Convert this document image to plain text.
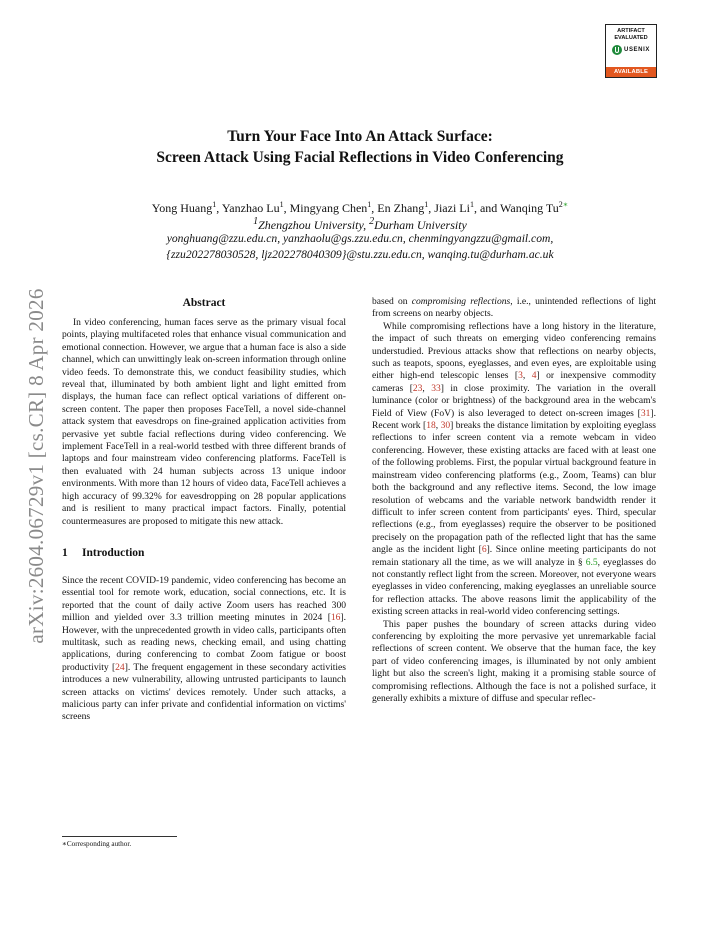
arXiv:2604.06729v1 [cs.CR] 8 Apr 2026
ARTIFACT
EVALUATED
USENIX
AVAILABLE
Turn Your Face Into An Attack Surface:
Screen Attack Using Facial Reflections in Video Conferencing
Yong Huang$^1$, Yanzhao Lu$^1$, Mingyang Chen$^1$, En Zhang$^1$, Jiazi Li$^1$, and Wanqing $Tu^{2∗}$
$^1$Zhengzhou University, $^2$Durham University
yonghuang@zzu.edu.cn, yanzhaolu@gs.zzu.edu.cn, chenmingyangzzu@gmail.com,
{zzu202278030528, ljz202278040309}@stu.zzu.edu.cn, wanqing.tu@durham.ac.uk
Abstract

In video conferencing, human faces serve as the primary visual focal points, playing multifaceted roles that enhance visual communication and emotional connection. However, we argue that a human face is also a side channel, which can unwittingly leak on-screen information through online video feeds. To demonstrate this, we conduct feasibility studies, which reveal that, illuminated by both ambient light and light emitted from displays, the human face can reflect optical variations of different on-screen content. The paper then proposes FaceTell, a novel side-channel attack system that eavesdrops on fine-grained application activities from pervasive yet subtle facial reflections during video conferencing. We implement FaceTell in a real-world testbed with three different brands of laptops and four mainstream video conferencing platforms. FaceTell is then evaluated with 24 human subjects across 13 unique indoor environments. With more than 12 hours of video data, FaceTell achieves a high accuracy of 99.32% for eavesdropping on 28 popular applications and is resilient to many practical impact factors. Finally, potential countermeasures are proposed to mitigate this new attack.

1 Introduction

Since the recent COVID-19 pandemic, video conferencing has become an essential tool for remote work, education, social connections, etc. It is reported that the count of daily active Zoom users has reached 300 million and yielded over 3.3 trillion meeting minutes in 2024 [16]. However, with the unprecedented growth in video calls, participants often multitask, such as reading news, checking email, and using chatting applications, during conferencing to combat Zoom fatigue or boost productivity [24]. The frequent engagement in these secondary activities introduces a new vulnerability, allowing untrusted participants to launch screen attacks on victims' devices remotely. Under such attacks, a malicious party can infer private and confidential information on victims' screens

∗Corresponding author.

based on compromising reflections, i.e., unintended reflections of light from screens on nearby objects.

While compromising reflections have a long history in the literature, the impact of such threats on emerging video conferencing remains understudied. Previous attacks show that reflections on nearby objects, such as teapots, spoons, eyeglasses, and even eyes, are exploitable using either high-end telescopic lenses [3, 4] or inexpensive commodity cameras [23, 33] in close proximity. The variation in the overall luminance (color or brightness) of the background area in the webcam's Field of View (FoV) is also leveraged to detect on-screen images [31]. Recent work [18, 30] breaks the distance limitation by exploiting eyeglass reflections to infer screen content via a remote webcam in video conferencing. However, these existing attacks are faced with at least one of the following problems. First, the popular virtual background feature in mainstream video conferencing platforms (e.g., Zoom, Teams) can blur both the background and any reflective items. Second, the low image resolution of webcams and the variable network bandwidth render it difficult to infer screen content from participants' eyes. Third, specular reflections (e.g., from eyeglasses) require the observer to be positioned precisely on the propagation path of the reflected light that has the same angle as the incident light [6]. Since online meeting participants do not remain stationary all the time, as we will analyze in § 6.5, eyeglasses do not constantly reflect light from the screen. Moreover, not everyone wears eyeglasses in video conferencing, making eyeglasses an unreliable source for reflection attacks. The above reasons limit the applicability of the existing screen attacks in real-world video conferencing settings.

This paper pushes the boundary of screen attacks during video conferencing by exploiting the more pervasive yet unremarkable facial reflections of screen content. We observe that the human face, the key part of video conferencing images, is illuminated by not only ambient light but also the screen's light, making it a promising stable source of compromising reflections. Although the face is not a polished surface, it generally exhibits a mixture of diffuse and specular reflec-
